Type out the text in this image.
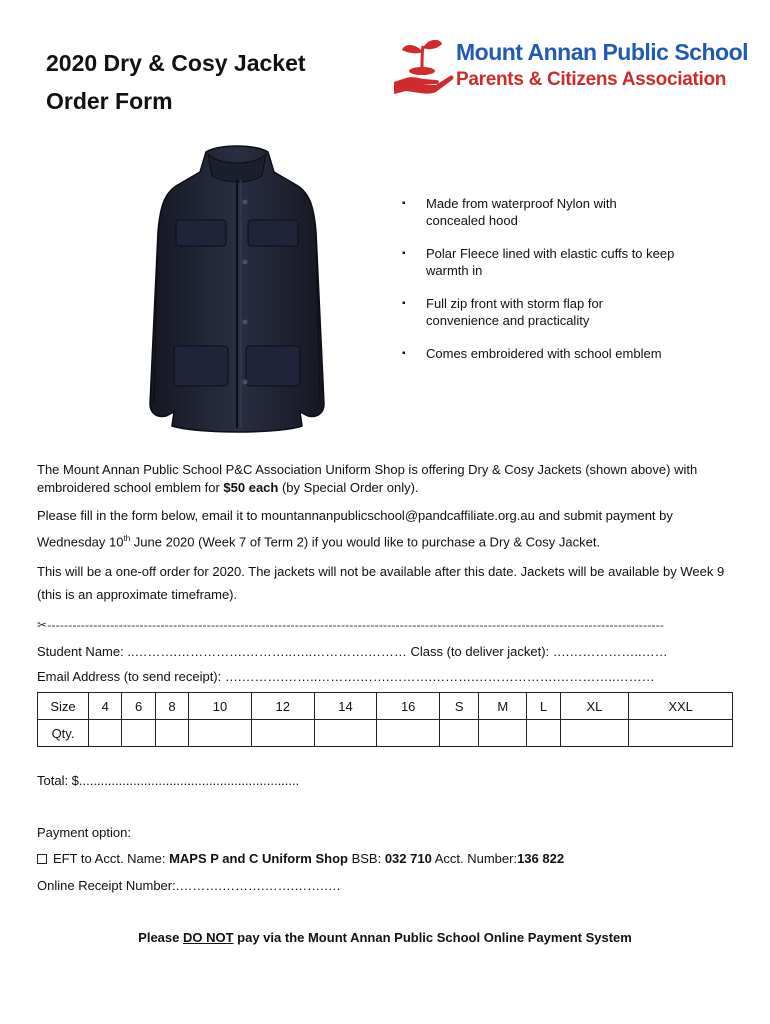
2020 Dry & Cosy Jacket
Order Form
Mount Annan Public School
Parents & Citizens Association
▪ Made from waterproof Nylon with concealed hood
▪ Polar Fleece lined with elastic cuffs to keep warmth in
▪ Full zip front with storm flap for convenience and practicality
▪ Comes embroidered with school emblem

The Mount Annan Public School P&C Association Uniform Shop is offering Dry & Cosy Jackets (shown above) with embroidered school emblem for $50 each (by Special Order only).

Please fill in the form below, email it to mountannanpublicschool@pandcaffiliate.org.au and submit payment by Wednesday 10th June 2020 (Week 7 of Term 2) if you would like to purchase a Dry & Cosy Jacket.

This will be a one-off order for 2020. The jackets will not be available after this date. Jackets will be available by Week 9 (this is an approximate timeframe).

✂---------------------------------------------------------------------------------------------------------------------------------------------------
Student Name: ..……….…………….………..…..………….……… Class (to deliver jacket): ….……………..……
Email Address (to send receipt): ….……….……..……….…….……….……….……………….…………..………
Size	4	6	8	10	12	14	16	S	M	L	XL	XXL
Qty.												
Total: $.............................................................
Payment option:
EFT to Acct. Name: MAPS P and C Uniform Shop BSB: 032 710 Acct. Number:136 822
Online Receipt Number:.……….……….…….…….….
Please DO NOT pay via the Mount Annan Public School Online Payment System
